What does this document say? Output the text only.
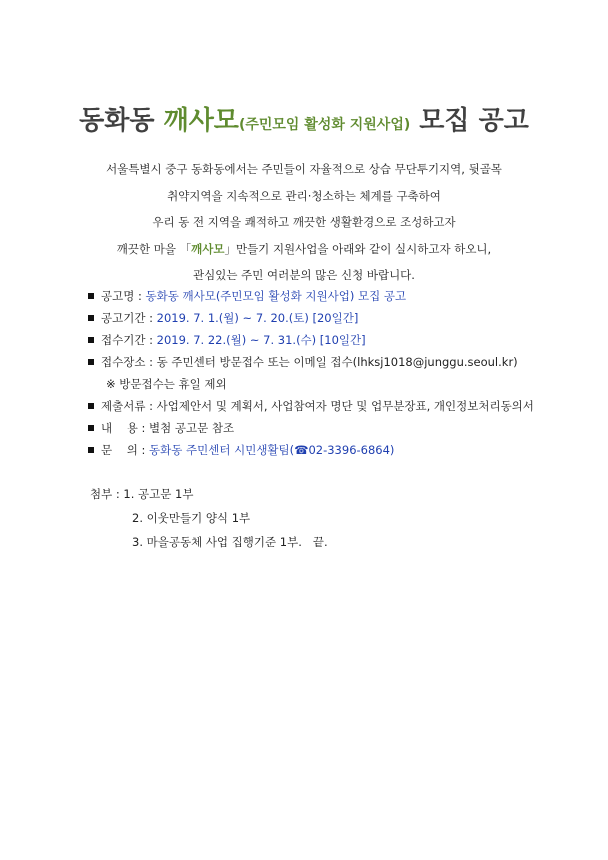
동화동 깨사모(주민모임 활성화 지원사업) 모집 공고
서울특별시 중구 동화동에서는 주민들이 자율적으로 상습 무단투기지역, 뒷골목
취약지역을 지속적으로 관리·청소하는 체계를 구축하여
우리 동 전 지역을 쾌적하고 깨끗한 생활환경으로 조성하고자
깨끗한 마을 「깨사모」만들기 지원사업을 아래와 같이 실시하고자 하오니,
관심있는 주민 여러분의 많은 신청 바랍니다.
공고명 : 동화동 깨사모(주민모임 활성화 지원사업) 모집 공고
공고기간 : 2019. 7. 1.(월) ~ 7. 20.(토) [20일간]
접수기간 : 2019. 7. 22.(월) ~ 7. 31.(수) [10일간]
접수장소 : 동 주민센터 방문접수 또는 이메일 접수(lhksj1018@junggu.seoul.kr)
※ 방문접수는 휴일 제외
제출서류 : 사업제안서 및 계획서, 사업참여자 명단 및 업무분장표, 개인정보처리동의서
내    용 : 별첨 공고문 참조
문    의 : 동화동 주민센터 시민생활팀(☎02-3396-6864)
첨부 : 1. 공고문 1부
2. 이웃만들기 양식 1부
3. 마을공동체 사업 집행기준 1부.   끝.
